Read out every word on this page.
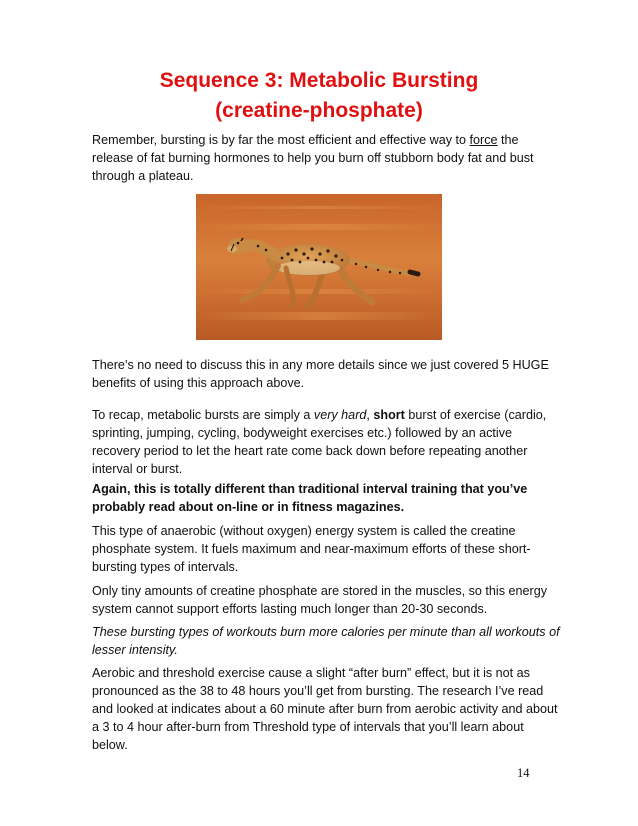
Sequence 3: Metabolic Bursting
(creatine-phosphate)

Remember, bursting is by far the most efficient and effective way to force the release of fat burning hormones to help you burn off stubborn body fat and bust through a plateau.

There’s no need to discuss this in any more details since we just covered 5 HUGE benefits of using this approach above.

To recap, metabolic bursts are simply a very hard, short burst of exercise (cardio, sprinting, jumping, cycling, bodyweight exercises etc.) followed by an active recovery period to let the heart rate come back down before repeating another interval or burst.

Again, this is totally different than traditional interval training that you’ve probably read about on-line or in fitness magazines.

This type of anaerobic (without oxygen) energy system is called the creatine phosphate system. It fuels maximum and near-maximum efforts of these short-bursting types of intervals.

Only tiny amounts of creatine phosphate are stored in the muscles, so this energy system cannot support efforts lasting much longer than 20-30 seconds.

These bursting types of workouts burn more calories per minute than all workouts of lesser intensity.

Aerobic and threshold exercise cause a slight “after burn” effect, but it is not as pronounced as the 38 to 48 hours you’ll get from bursting. The research I’ve read and looked at indicates about a 60 minute after burn from aerobic activity and about a 3 to 4 hour after-burn from Threshold type of intervals that you’ll learn about below.

14
